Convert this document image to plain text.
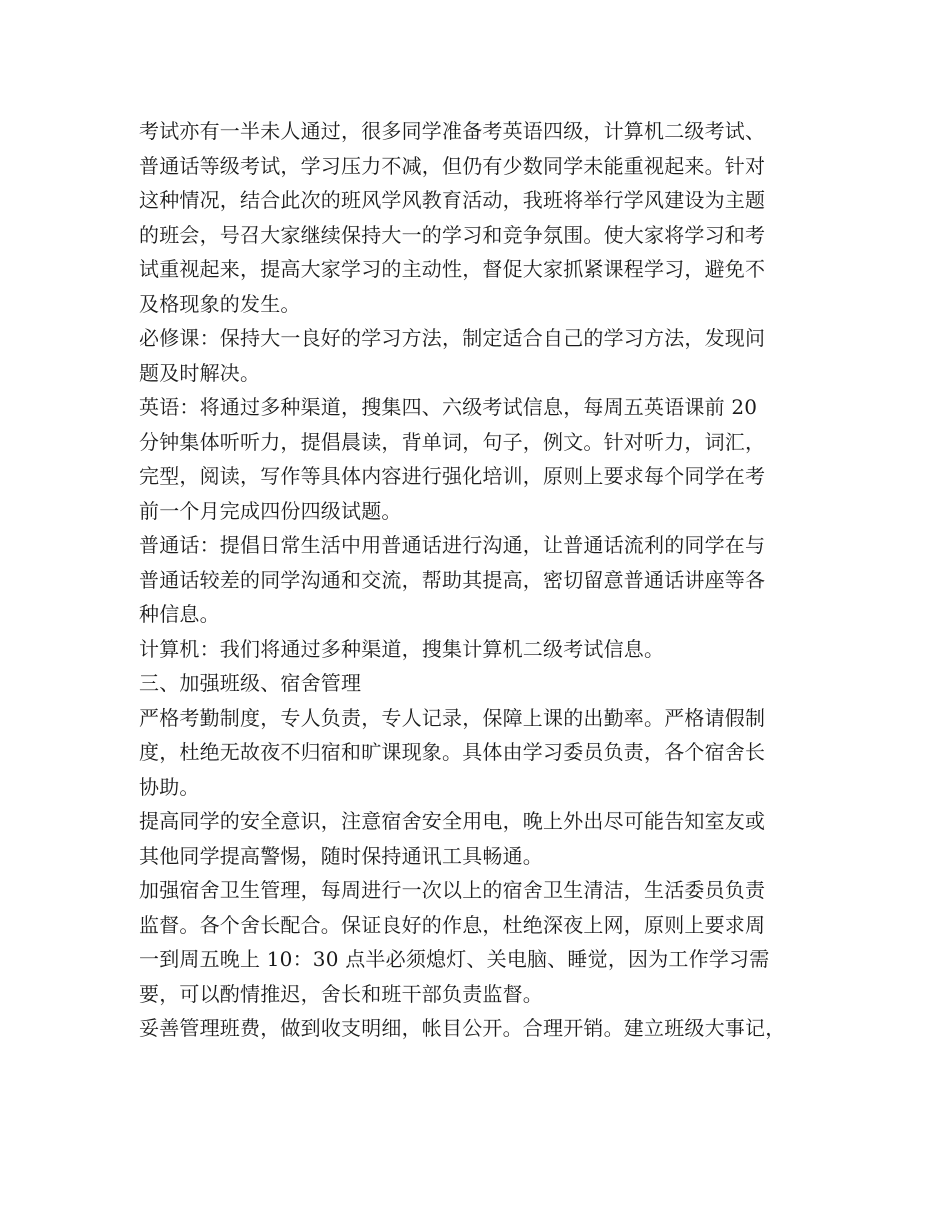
考试亦有一半未人通过，很多同学准备考英语四级，计算机二级考试、
普通话等级考试，学习压力不减，但仍有少数同学未能重视起来。针对
这种情况，结合此次的班风学风教育活动，我班将举行学风建设为主题
的班会，号召大家继续保持大一的学习和竞争氛围。使大家将学习和考
试重视起来，提高大家学习的主动性，督促大家抓紧课程学习，避免不
及格现象的发生。
必修课：保持大一良好的学习方法，制定适合自己的学习方法，发现问
题及时解决。
英语：将通过多种渠道，搜集四、六级考试信息，每周五英语课前 20
分钟集体听听力，提倡晨读，背单词，句子，例文。针对听力，词汇，
完型，阅读，写作等具体内容进行强化培训，原则上要求每个同学在考
前一个月完成四份四级试题。
普通话：提倡日常生活中用普通话进行沟通，让普通话流利的同学在与
普通话较差的同学沟通和交流，帮助其提高，密切留意普通话讲座等各
种信息。
计算机：我们将通过多种渠道，搜集计算机二级考试信息。
三、加强班级、宿舍管理
严格考勤制度，专人负责，专人记录，保障上课的出勤率。严格请假制
度，杜绝无故夜不归宿和旷课现象。具体由学习委员负责，各个宿舍长
协助。
提高同学的安全意识，注意宿舍安全用电，晚上外出尽可能告知室友或
其他同学提高警惕，随时保持通讯工具畅通。
加强宿舍卫生管理，每周进行一次以上的宿舍卫生清洁，生活委员负责
监督。各个舍长配合。保证良好的作息，杜绝深夜上网，原则上要求周
一到周五晚上 10：30 点半必须熄灯、关电脑、睡觉，因为工作学习需
要，可以酌情推迟，舍长和班干部负责监督。
妥善管理班费，做到收支明细，帐目公开。合理开销。建立班级大事记，
